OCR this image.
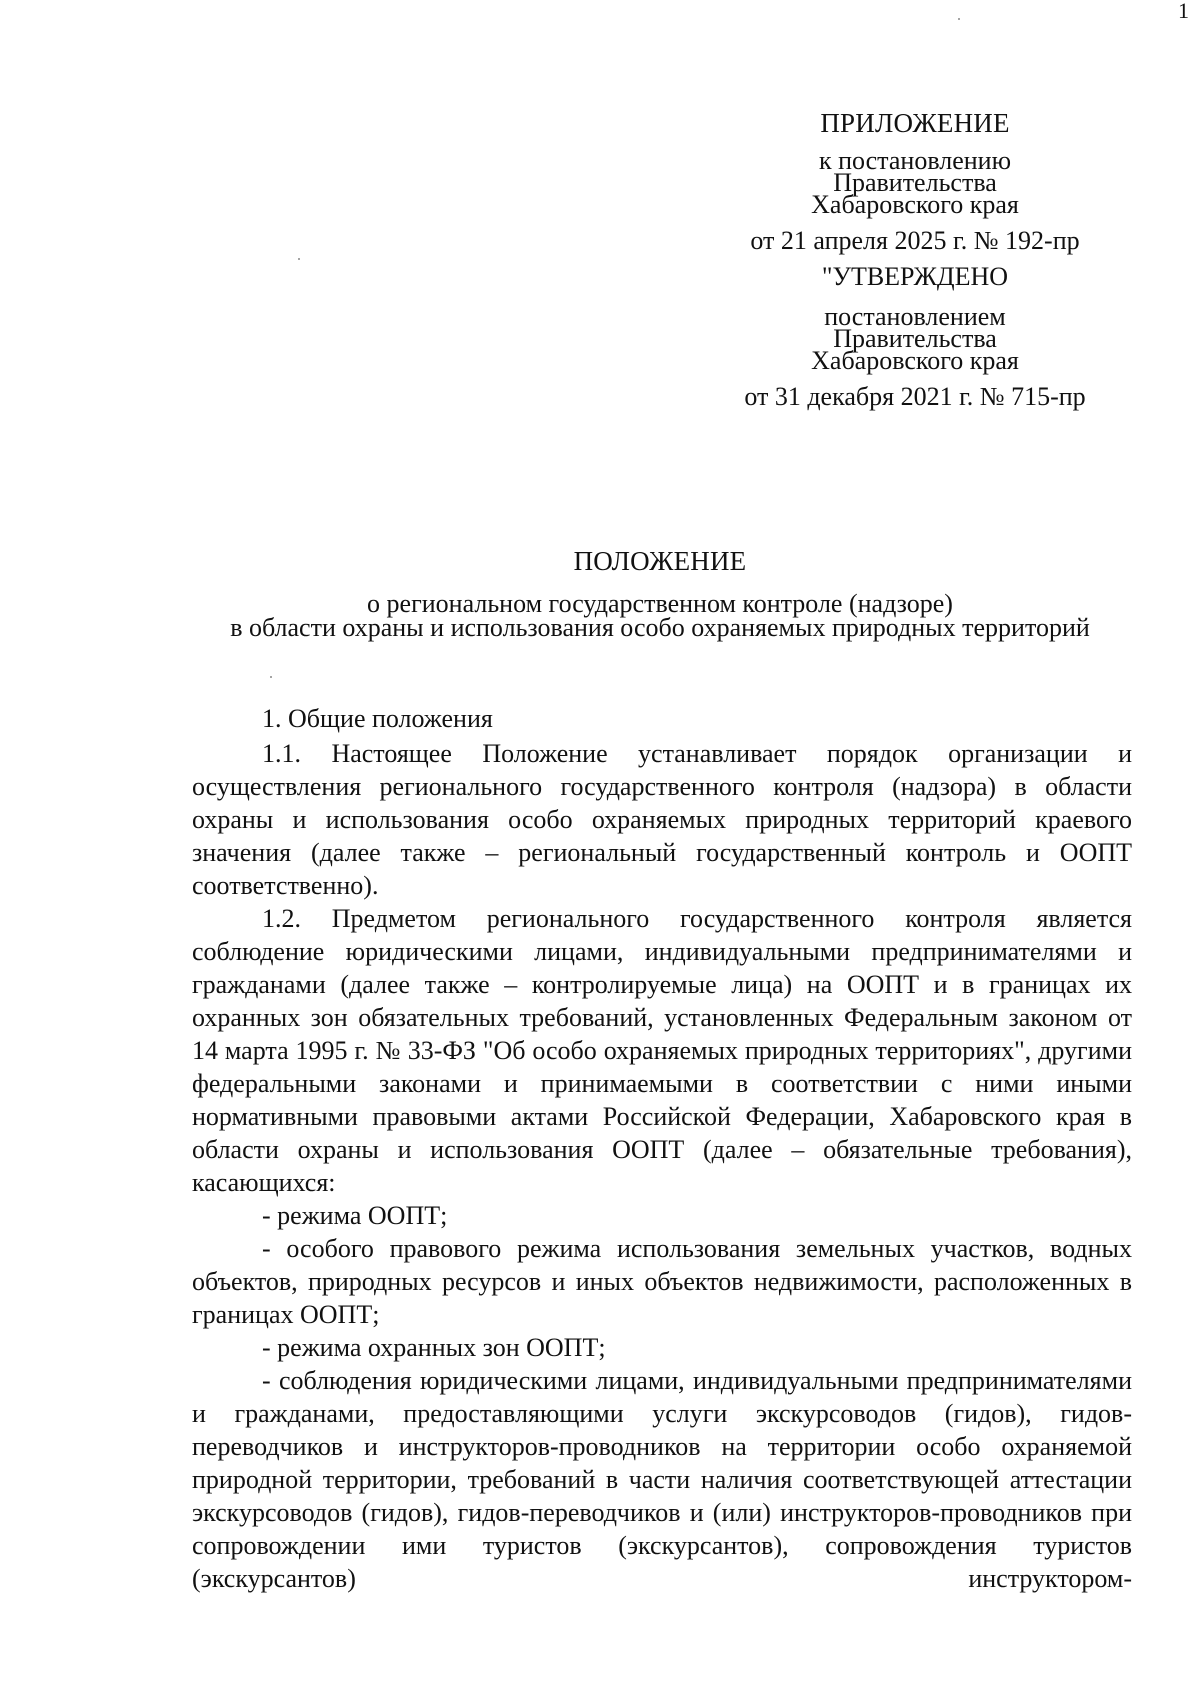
1
ПРИЛОЖЕНИЕ
к постановлению
Правительства
Хабаровского края
от 21 апреля 2025 г. № 192-пр
"УТВЕРЖДЕНО
постановлением
Правительства
Хабаровского края
от 31 декабря 2021 г. № 715-пр
ПОЛОЖЕНИЕ
о региональном государственном контроле (надзоре)
в области охраны и использования особо охраняемых природных территорий
1. Общие положения

1.1. Настоящее Положение устанавливает порядок организации и осуществления регионального государственного контроля (надзора) в области охраны и использования особо охраняемых природных территорий краевого значения (далее также – региональный государственный контроль и ООПТ соответственно).

1.2. Предметом регионального государственного контроля является соблюдение юридическими лицами, индивидуальными предпринимателями и гражданами (далее также – контролируемые лица) на ООПТ и в границах их охранных зон обязательных требований, установленных Федеральным законом от 14 марта 1995 г. № 33-ФЗ "Об особо охраняемых природных территориях", другими федеральными законами и принимаемыми в соответствии с ними иными нормативными правовыми актами Российской Федерации, Хабаровского края в области охраны и использования ООПТ (далее – обязательные требования), касающихся:

- режима ООПТ;

- особого правового режима использования земельных участков, водных объектов, природных ресурсов и иных объектов недвижимости, расположенных в границах ООПТ;

- режима охранных зон ООПТ;

- соблюдения юридическими лицами, индивидуальными предпринимателями и гражданами, предоставляющими услуги экскурсоводов (гидов), гидов-переводчиков и инструкторов-проводников на территории особо охраняемой природной территории, требований в части наличия соответствующей аттестации экскурсоводов (гидов), гидов-переводчиков и (или) инструкторов-проводников при сопровождении ими туристов (экскурсантов), сопровождения туристов (экскурсантов) инструктором-
